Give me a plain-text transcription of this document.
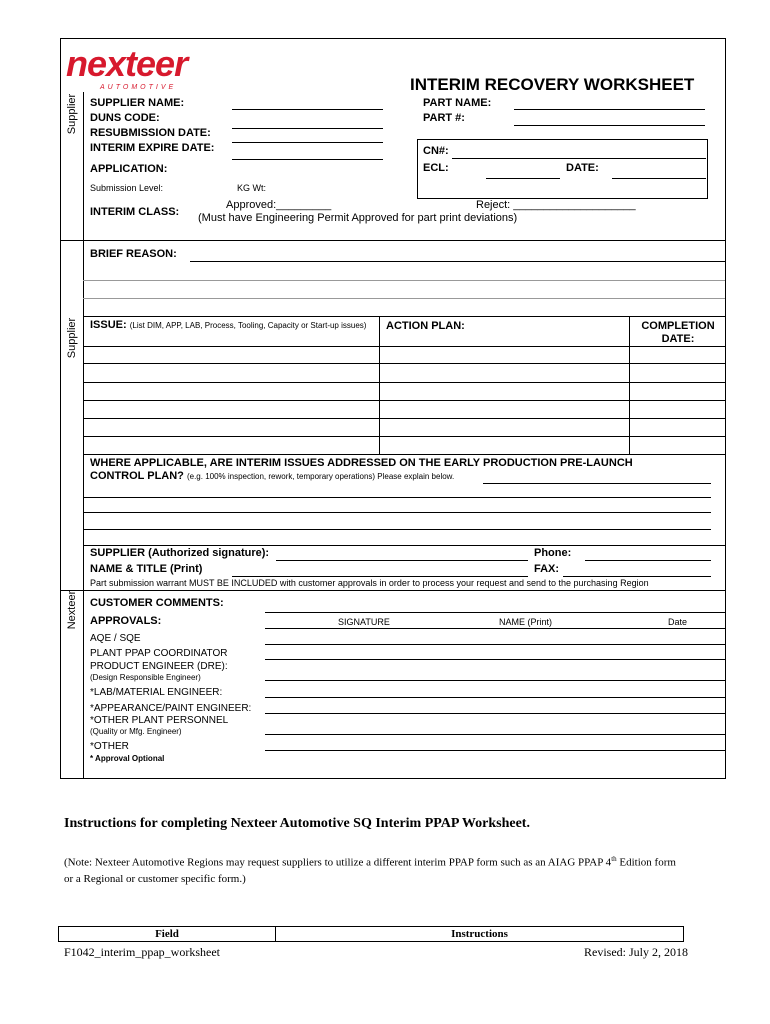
nexteer
AUTOMOTIVE
Supplier
Supplier
Nexteer
INTERIM RECOVERY WORKSHEET
SUPPLIER NAME:
DUNS CODE:
RESUBMISSION DATE:
INTERIM EXPIRE DATE:
APPLICATION:
PART NAME:
PART #:
CN#:
ECL:	DATE:
Submission Level:	KG Wt:
INTERIM CLASS:
Approved:_________	Reject: ____________________
(Must have Engineering Permit Approved for part print deviations)
BRIEF REASON:
ISSUE: (List DIM, APP, LAB, Process, Tooling, Capacity or Start-up issues)	ACTION PLAN:	COMPLETION
DATE:
WHERE APPLICABLE, ARE INTERIM ISSUES ADDRESSED ON THE EARLY PRODUCTION PRE-LAUNCH
CONTROL PLAN? (e.g. 100% inspection, rework, temporary operations) Please explain below.
SUPPLIER (Authorized signature):	Phone:
NAME & TITLE (Print)	FAX:
Part submission warrant MUST BE INCLUDED with customer approvals in order to process your request and send to the purchasing Region
CUSTOMER COMMENTS:
APPROVALS:	SIGNATURE	NAME (Print)	Date
AQE / SQE
PLANT PPAP COORDINATOR
PRODUCT ENGINEER (DRE):
(Design Responsible Engineer)
*LAB/MATERIAL ENGINEER:
*APPEARANCE/PAINT ENGINEER:
*OTHER PLANT PERSONNEL
(Quality or Mfg. Engineer)
*OTHER
* Approval Optional
Instructions for completing Nexteer Automotive SQ Interim PPAP Worksheet.
(Note: Nexteer Automotive Regions may request suppliers to utilize a different interim PPAP form such as an AIAG PPAP 4th Edition form
or a Regional or customer specific form.)
Field	Instructions
F1042_interim_ppap_worksheet	Revised: July 2, 2018
